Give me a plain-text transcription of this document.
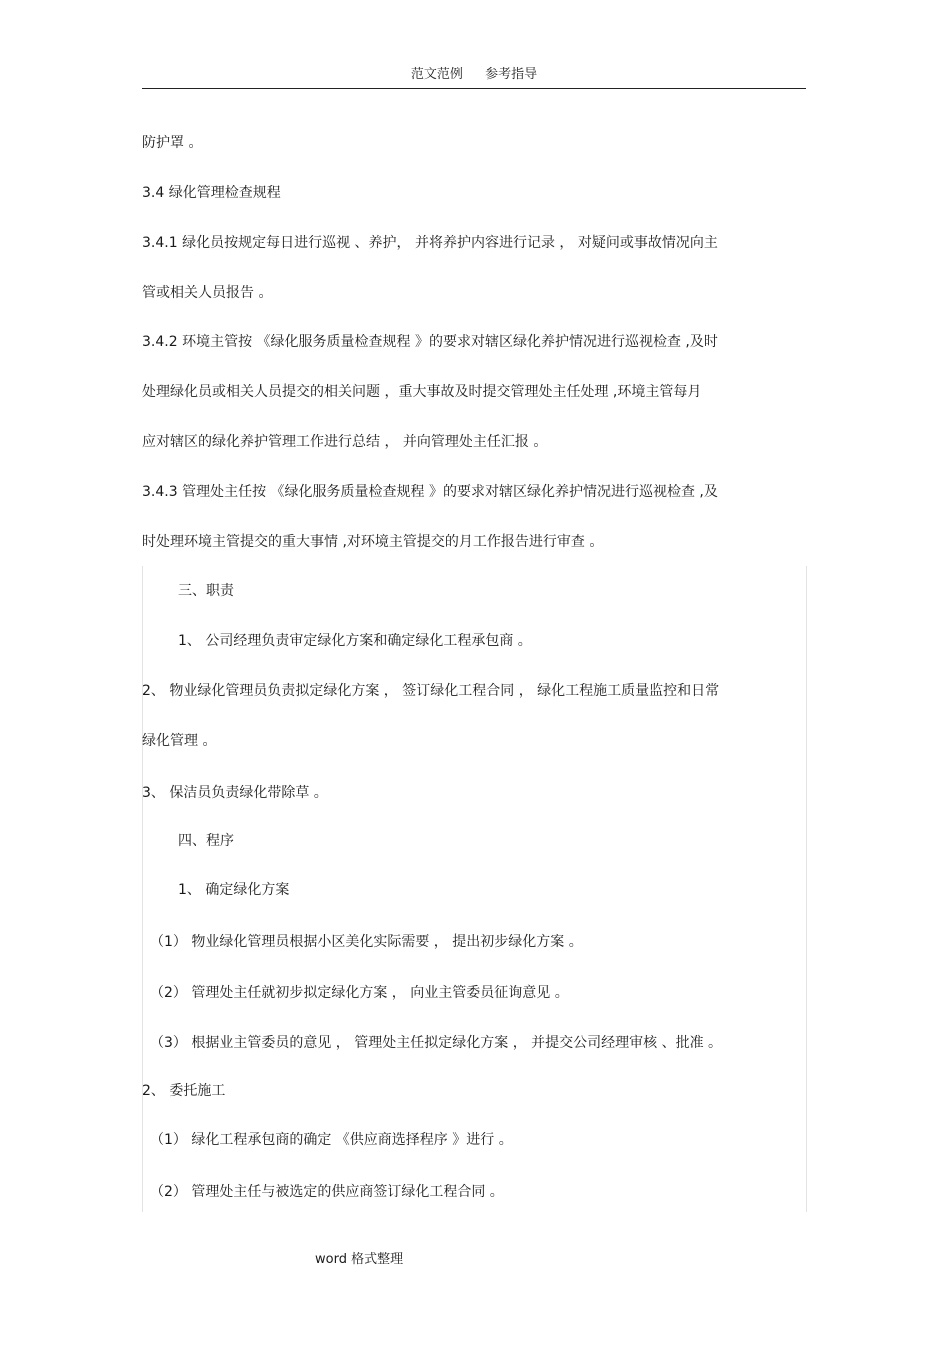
范文范例 参考指导
防护罩 。
3.4 绿化管理检查规程
3.4.1 绿化员按规定每日进行巡视 、养护， 并将养护内容进行记录 ， 对疑问或事故情况向主
管或相关人员报告 。
3.4.2 环境主管按 《绿化服务质量检查规程 》的要求对辖区绿化养护情况进行巡视检查 ,及时
处理绿化员或相关人员提交的相关问题 ，重大事故及时提交管理处主任处理 ,环境主管每月
应对辖区的绿化养护管理工作进行总结 ， 并向管理处主任汇报 。
3.4.3 管理处主任按 《绿化服务质量检查规程 》的要求对辖区绿化养护情况进行巡视检查 ,及
时处理环境主管提交的重大事情 ,对环境主管提交的月工作报告进行审查 。
三、职责
1、 公司经理负责审定绿化方案和确定绿化工程承包商 。
2、 物业绿化管理员负责拟定绿化方案 ， 签订绿化工程合同 ， 绿化工程施工质量监控和日常
绿化管理 。
3、 保洁员负责绿化带除草 。
四、程序
1、 确定绿化方案
（1） 物业绿化管理员根据小区美化实际需要 ， 提出初步绿化方案 。
（2） 管理处主任就初步拟定绿化方案 ， 向业主管委员征询意见 。
（3） 根据业主管委员的意见 ， 管理处主任拟定绿化方案 ， 并提交公司经理审核 、批准 。
2、 委托施工
（1） 绿化工程承包商的确定 《供应商选择程序 》进行 。
（2） 管理处主任与被选定的供应商签订绿化工程合同 。
word 格式整理
